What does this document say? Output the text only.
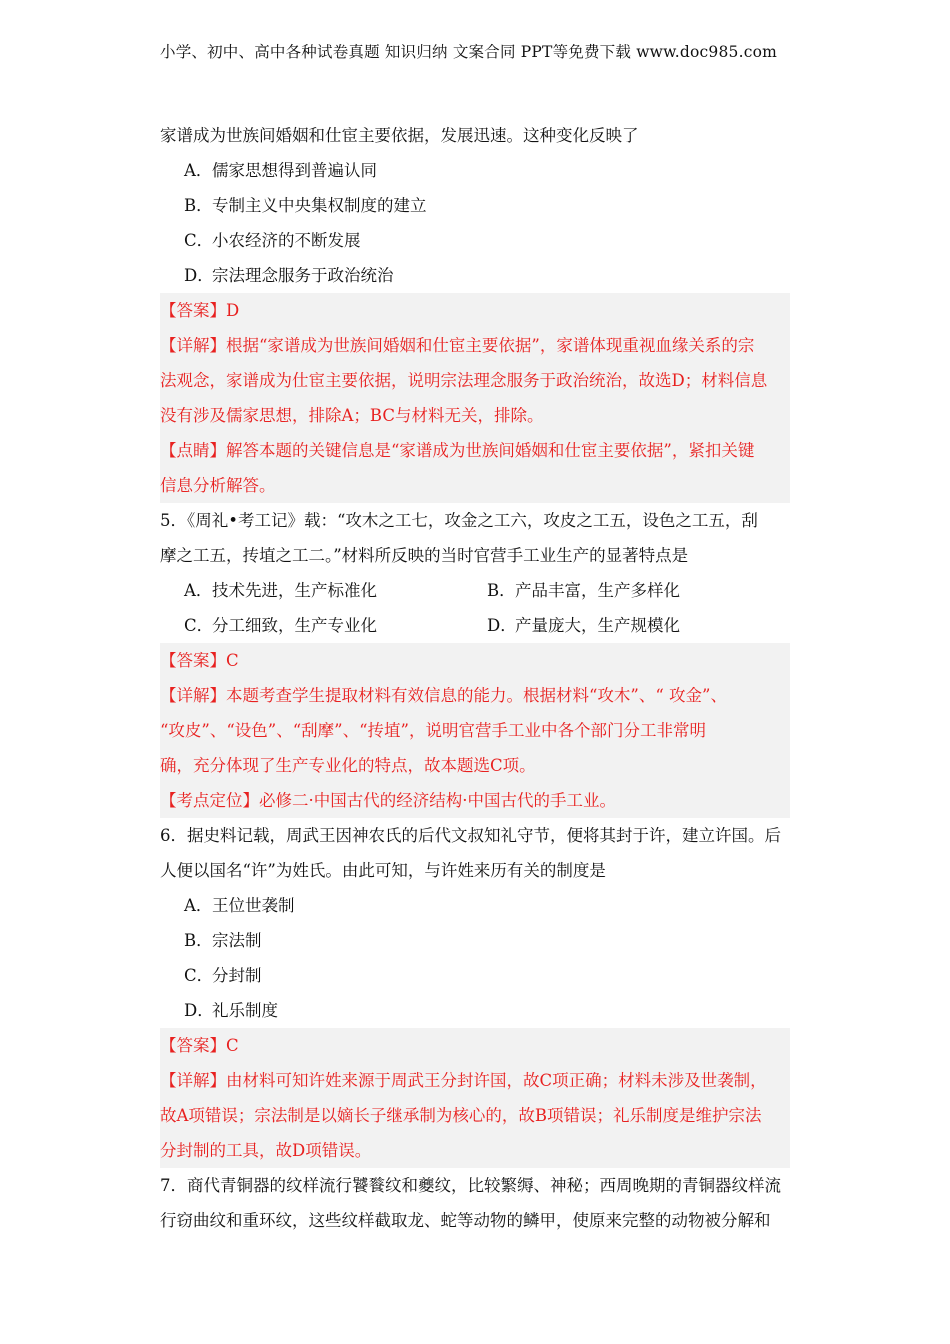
小学、初中、高中各种试卷真题 知识归纳 文案合同 PPT等免费下载 www.doc985.com
家谱成为世族间婚姻和仕宦主要依据，发展迅速。这种变化反映了
A．儒家思想得到普遍认同
B．专制主义中央集权制度的建立
C．小农经济的不断发展
D．宗法理念服务于政治统治
【答案】D
【详解】根据“家谱成为世族间婚姻和仕宦主要依据”，家谱体现重视血缘关系的宗
法观念，家谱成为仕宦主要依据，说明宗法理念服务于政治统治，故选D；材料信息
没有涉及儒家思想，排除A；BC与材料无关，排除。
【点睛】解答本题的关键信息是“家谱成为世族间婚姻和仕宦主要依据”，紧扣关键
信息分析解答。
5．《周礼•考工记》载：“攻木之工七，攻金之工六，攻皮之工五，设色之工五，刮
摩之工五，抟埴之工二。”材料所反映的当时官营手工业生产的显著特点是
A．技术先进，生产标准化	B．产品丰富，生产多样化
C．分工细致，生产专业化	D．产量庞大，生产规模化
【答案】C
【详解】本题考查学生提取材料有效信息的能力。根据材料“攻木”、“ 攻金”、
“攻皮”、“设色”、“刮摩”、“抟埴”，说明官营手工业中各个部门分工非常明
确，充分体现了生产专业化的特点，故本题选C项。
【考点定位】必修二·中国古代的经济结构·中国古代的手工业。
6．据史料记载，周武王因神农氏的后代文叔知礼守节，便将其封于许，建立许国。后
人便以国名“许”为姓氏。由此可知，与许姓来历有关的制度是
A．王位世袭制
B．宗法制
C．分封制
D．礼乐制度
【答案】C
【详解】由材料可知许姓来源于周武王分封许国，故C项正确；材料未涉及世袭制，
故A项错误；宗法制是以嫡长子继承制为核心的，故B项错误；礼乐制度是维护宗法
分封制的工具，故D项错误。
7．商代青铜器的纹样流行饕餮纹和夔纹，比较繁缛、神秘；西周晚期的青铜器纹样流
行窃曲纹和重环纹，这些纹样截取龙、蛇等动物的鳞甲，使原来完整的动物被分解和
